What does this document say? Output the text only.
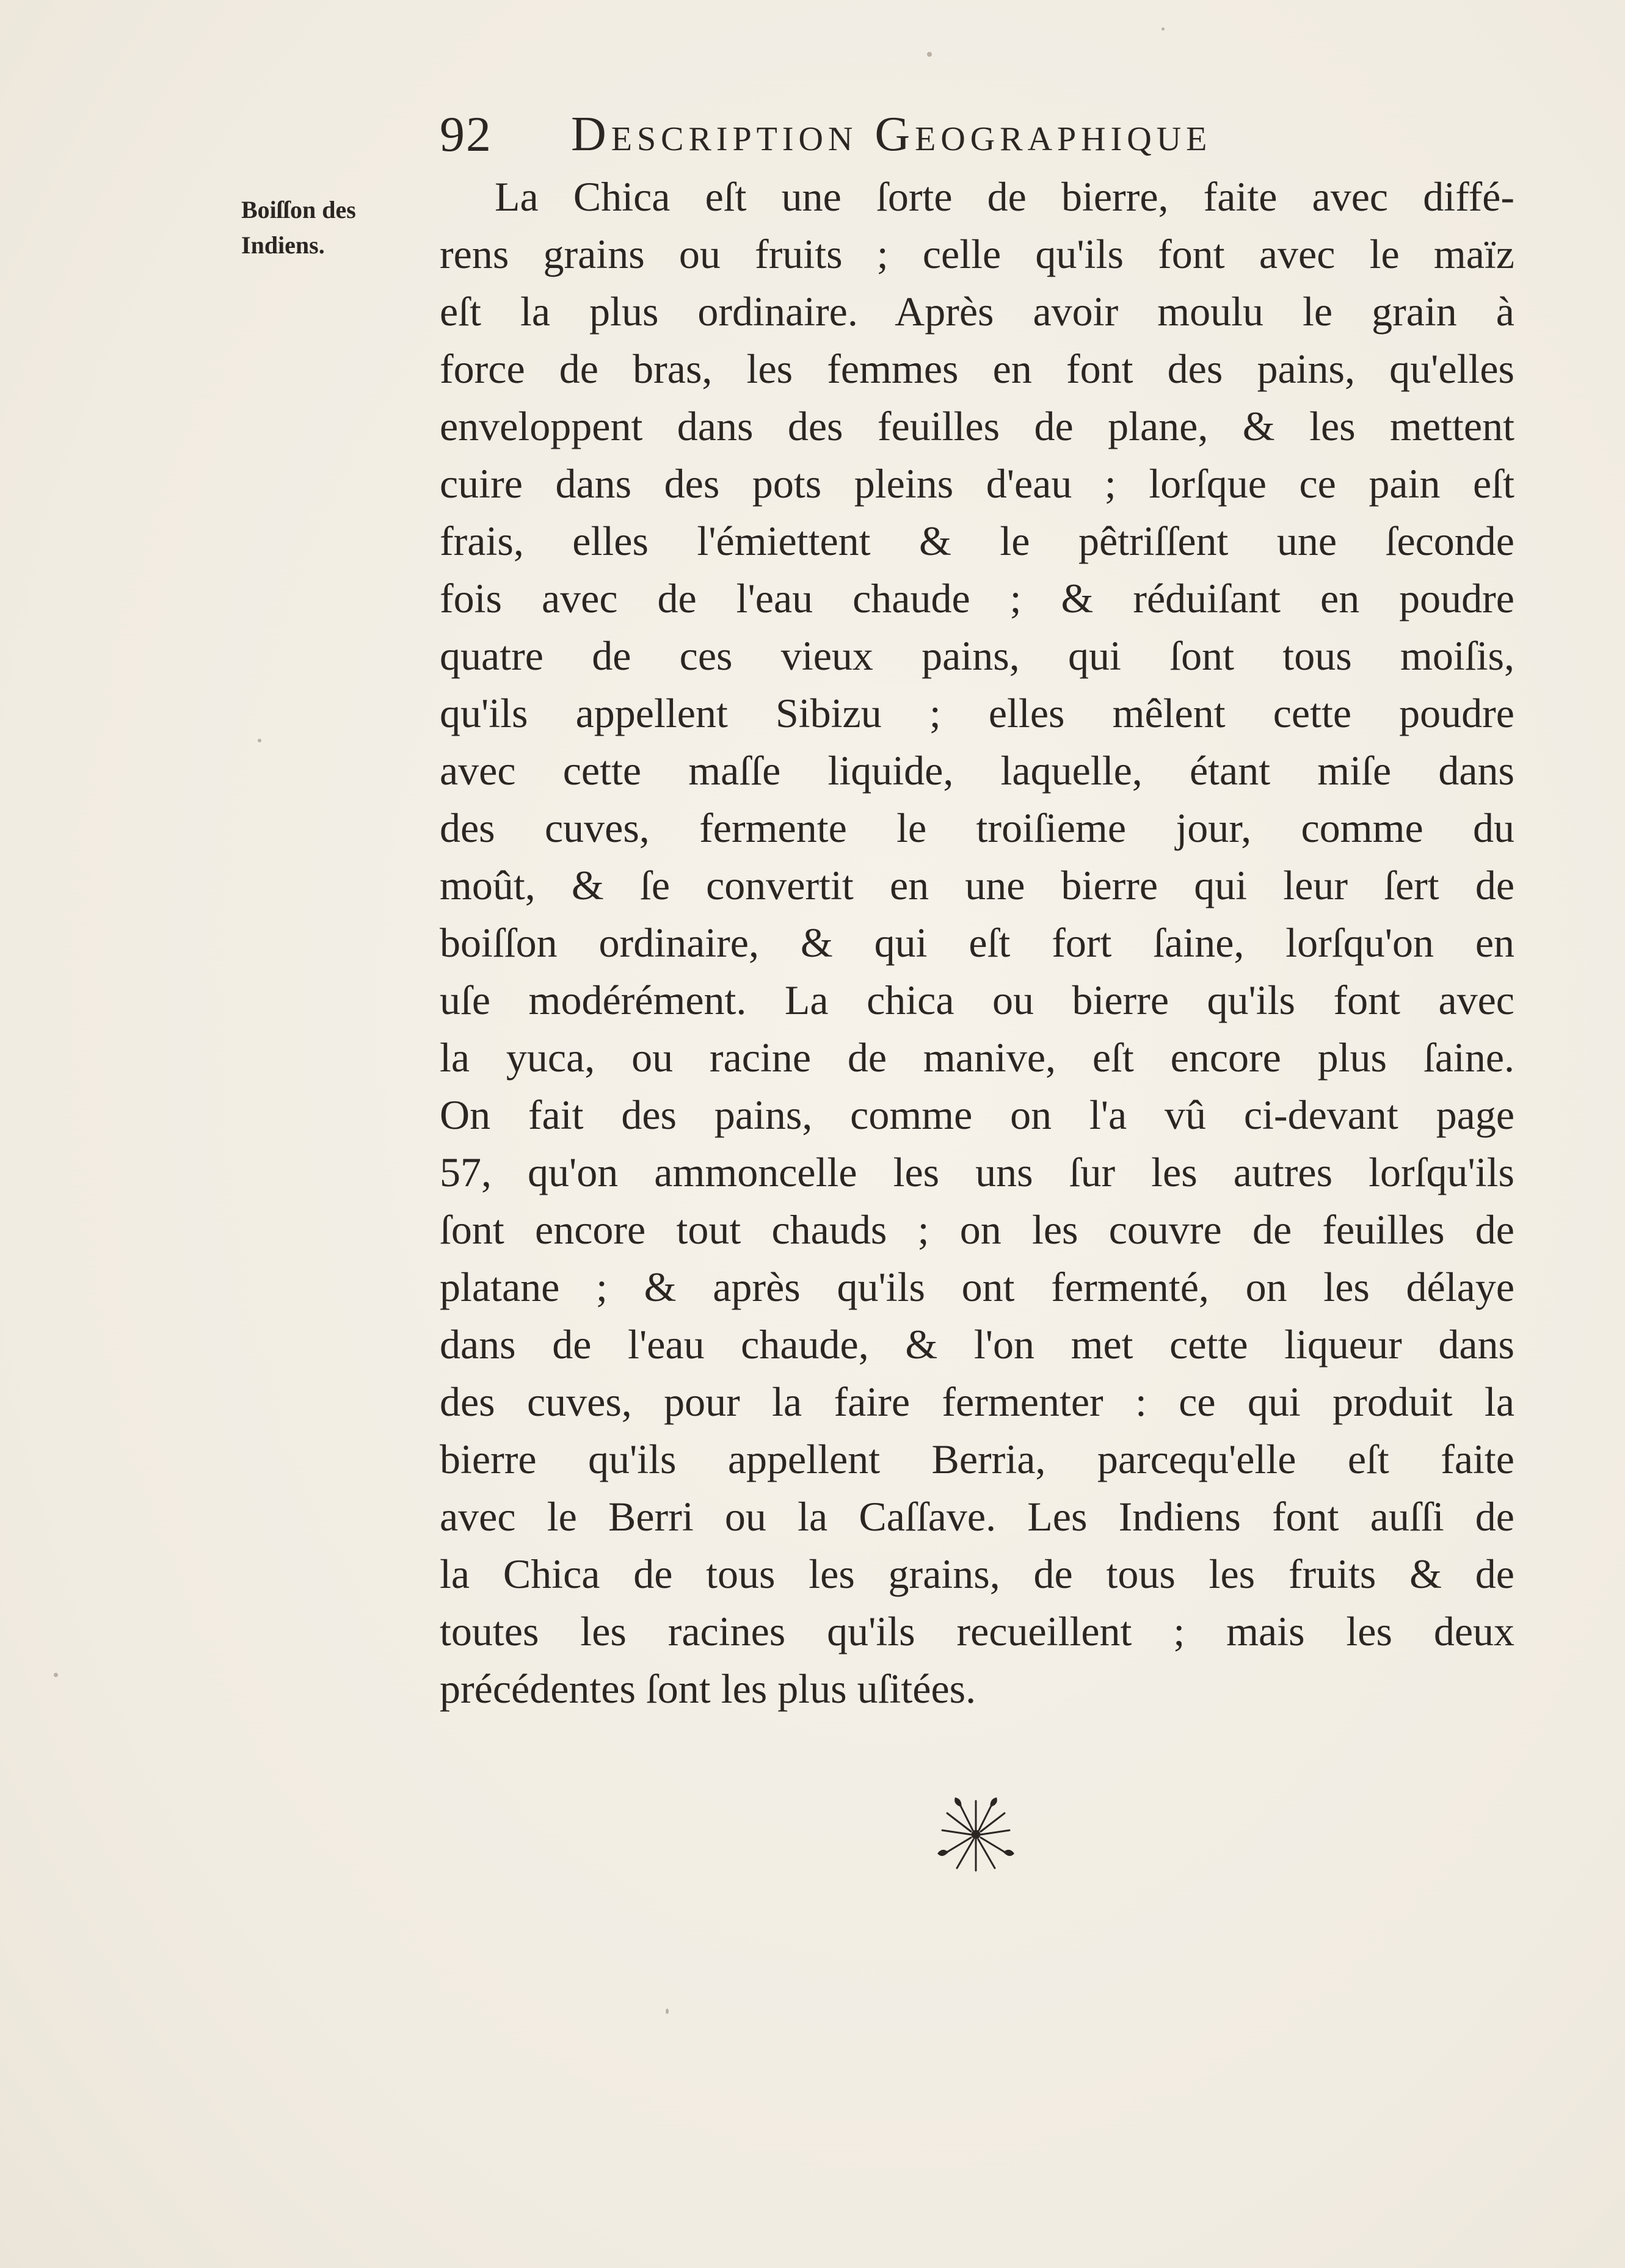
92 Description Geographique
Boiſſon des
Indiens.
La Chica eſt une ſorte de bierre, faite avec diffé-
rens grains ou fruits ; celle qu'ils font avec le maïz
eſt la plus ordinaire. Après avoir moulu le grain à
force de bras, les femmes en font des pains, qu'elles
enveloppent dans des feuilles de plane, & les mettent
cuire dans des pots pleins d'eau ; lorſque ce pain eſt
frais, elles l'émiettent & le pêtriſſent une ſeconde
fois avec de l'eau chaude ; & réduiſant en poudre
quatre de ces vieux pains, qui ſont tous moiſis,
qu'ils appellent Sibizu ; elles mêlent cette poudre
avec cette maſſe liquide, laquelle, étant miſe dans
des cuves, fermente le troiſieme jour, comme du
moût, & ſe convertit en une bierre qui leur ſert de
boiſſon ordinaire, & qui eſt fort ſaine, lorſqu'on en
uſe modérément. La chica ou bierre qu'ils font avec
la yuca, ou racine de manive, eſt encore plus ſaine.
On fait des pains, comme on l'a vû ci-devant page
57, qu'on ammoncelle les uns ſur les autres lorſqu'ils
ſont encore tout chauds ; on les couvre de feuilles de
platane ; & après qu'ils ont fermenté, on les délaye
dans de l'eau chaude, & l'on met cette liqueur dans
des cuves, pour la faire fermenter : ce qui produit la
bierre qu'ils appellent Berria, parcequ'elle eſt faite
avec le Berri ou la Caſſave. Les Indiens font auſſi de
la Chica de tous les grains, de tous les fruits & de
toutes les racines qu'ils recueillent ; mais les deux
précédentes ſont les plus uſitées.
